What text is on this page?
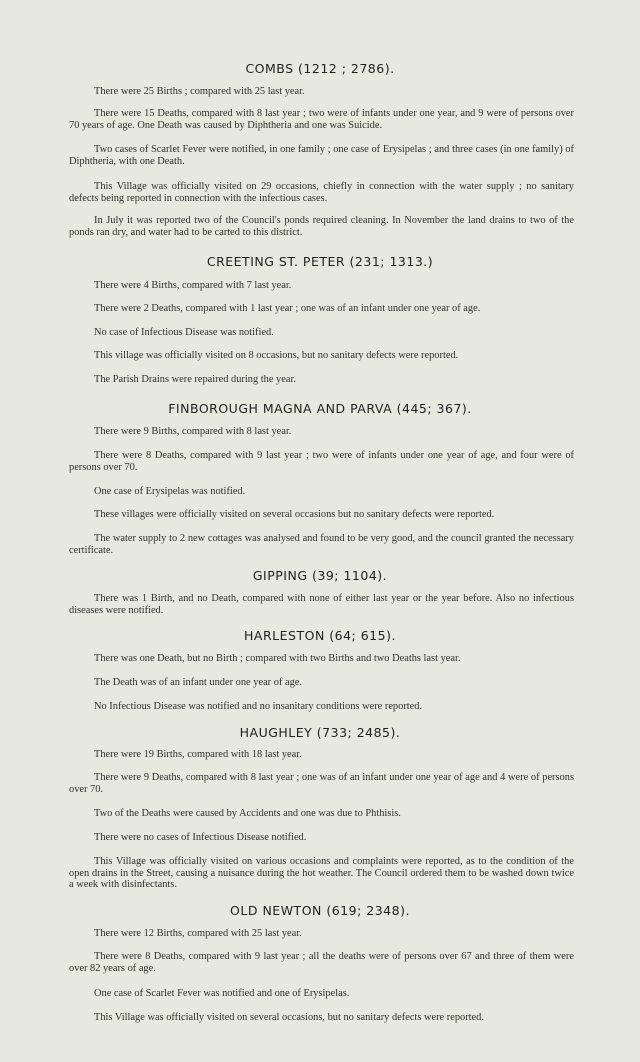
COMBS (1212 ; 2786).

There were 25 Births ; compared with 25 last year.

There were 15 Deaths, compared with 8 last year ; two were of infants under one year, and 9 were of persons over 70 years of age. One Death was caused by Diphtheria and one was Suicide.

Two cases of Scarlet Fever were notified, in one family ; one case of Erysipelas ; and three cases (in one family) of Diphtheria, with one Death.

This Village was officially visited on 29 occasions, chiefly in connection with the water supply ; no sanitary defects being reported in connection with the infectious cases.

In July it was reported two of the Council's ponds required cleaning. In November the land drains to two of the ponds ran dry, and water had to be carted to this district.

CREETING ST. PETER (231; 1313.)

There were 4 Births, compared with 7 last year.

There were 2 Deaths, compared with 1 last year ; one was of an infant under one year of age.

No case of Infectious Disease was notified.

This village was officially visited on 8 occasions, but no sanitary defects were reported.

The Parish Drains were repaired during the year.

FINBOROUGH MAGNA AND PARVA (445; 367).

There were 9 Births, compared with 8 last year.

There were 8 Deaths, compared with 9 last year ; two were of infants under one year of age, and four were of persons over 70.

One case of Erysipelas was notified.

These villages were officially visited on several occasions but no sanitary defects were reported.

The water supply to 2 new cottages was analysed and found to be very good, and the council granted the necessary certificate.

GIPPING (39; 1104).

There was 1 Birth, and no Death, compared with none of either last year or the year before. Also no infectious diseases were notified.

HARLESTON (64; 615).

There was one Death, but no Birth ; compared with two Births and two Deaths last year.

The Death was of an infant under one year of age.

No Infectious Disease was notified and no insanitary conditions were reported.

HAUGHLEY (733; 2485).

There were 19 Births, compared with 18 last year.

There were 9 Deaths, compared with 8 last year ; one was of an infant under one year of age and 4 were of persons over 70.

Two of the Deaths were caused by Accidents and one was due to Phthisis.

There were no cases of Infectious Disease notified.

This Village was officially visited on various occasions and complaints were reported, as to the condition of the open drains in the Street, causing a nuisance during the hot weather. The Council ordered them to be washed down twice a week with disinfectants.

OLD NEWTON (619; 2348).

There were 12 Births, compared with 25 last year.

There were 8 Deaths, compared with 9 last year ; all the deaths were of persons over 67 and three of them were over 82 years of age.

One case of Scarlet Fever was notified and one of Erysipelas.

This Village was officially visited on several occasions, but no sanitary defects were reported.
